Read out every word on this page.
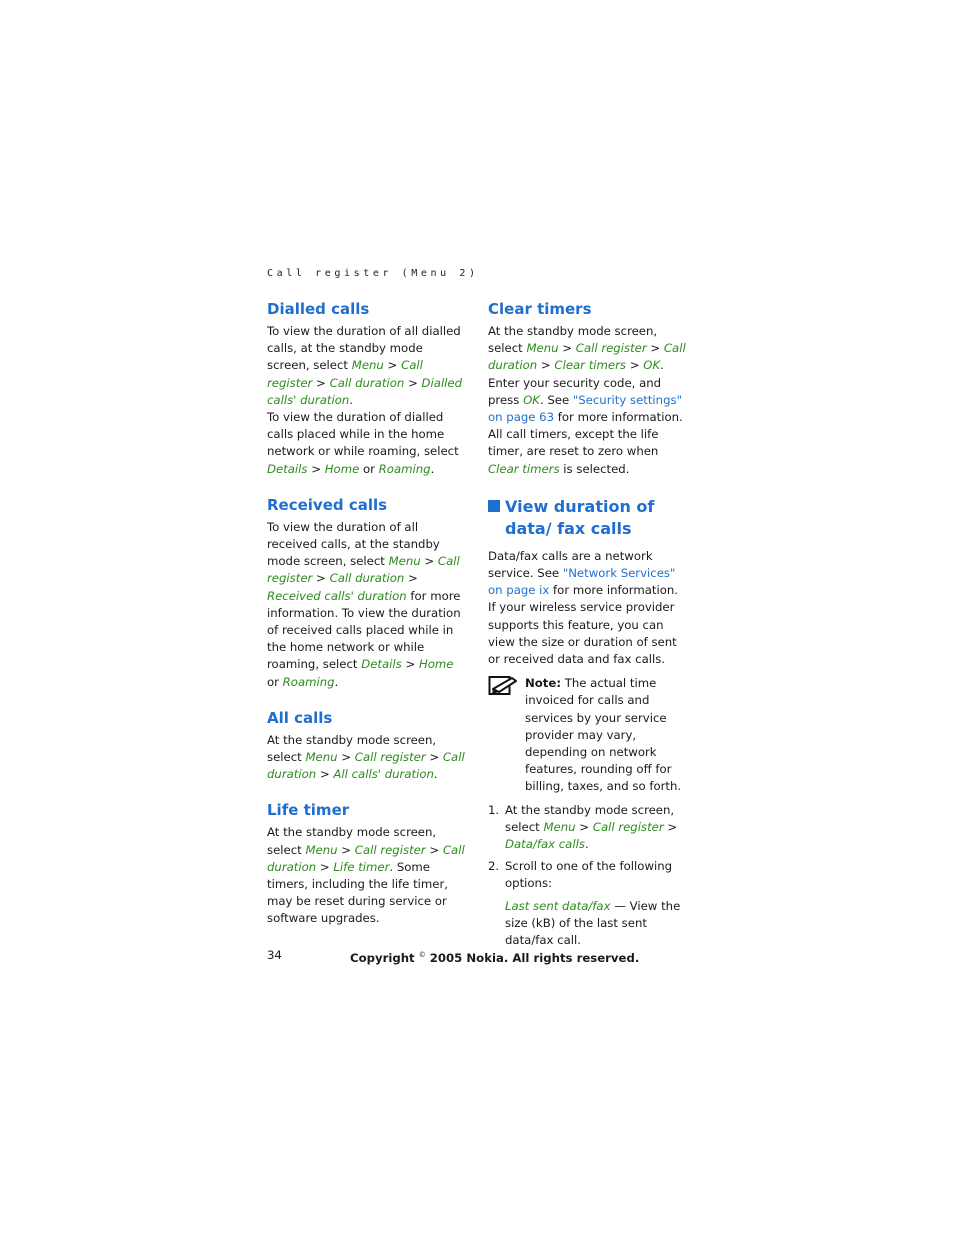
Call register (Menu 2)
Dialled calls

To view the duration of all dialled calls, at the standby mode screen, select Menu > Call register > Call duration > Dialled calls' duration.

To view the duration of dialled calls placed while in the home network or while roaming, select Details > Home or Roaming.

Received calls

To view the duration of all received calls, at the standby mode screen, select Menu > Call register > Call duration > Received calls' duration for more information. To view the duration of received calls placed while in the home network or while roaming, select Details > Home or Roaming.

All calls

At the standby mode screen, select Menu > Call register > Call duration > All calls' duration.

Life timer

At the standby mode screen, select Menu > Call register > Call duration > Life timer. Some timers, including the life timer, may be reset during service or software upgrades.

Clear timers

At the standby mode screen, select Menu > Call register > Call duration > Clear timers > OK. Enter your security code, and press OK. See "Security settings" on page 63 for more information. All call timers, except the life timer, are reset to zero when Clear timers is selected.

View duration of data/ fax calls

Data/fax calls are a network service. See "Network Services" on page ix for more information. If your wireless service provider supports this feature, you can view the size or duration of sent or received data and fax calls.

Note: The actual time invoiced for calls and services by your service provider may vary, depending on network features, rounding off for billing, taxes, and so forth.

1. At the standby mode screen, select Menu > Call register > Data/fax calls.

2. Scroll to one of the following options:

Last sent data/fax — View the size (kB) of the last sent data/fax call.

34	Copyright © 2005 Nokia. All rights reserved.
